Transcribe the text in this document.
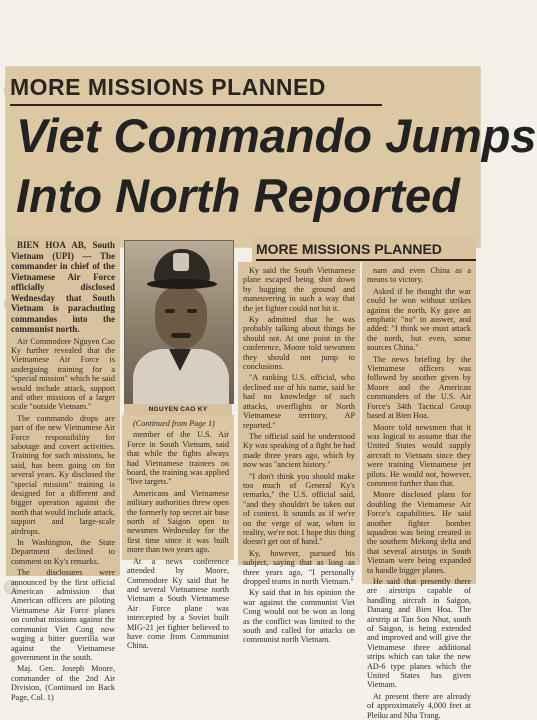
MORE MISSIONS PLANNED
Viet Commando Jumps
Into North Reported

BIEN HOA AB, South Vietnam (UPI) — The commander in chief of the Vietnamese Air Force officially disclosed Wednesday that South Vietnam is parachuting commandos into the communist north.

Air Commodore Nguyen Cao Ky further revealed that the Vietnamese Air Force is undergoing training for a "special mission" which he said would include attack, support and other missions of a larger scale "outside Vietnam."

The commando drops are part of the new Vietnamese Air Force responsibility for sabotage and covert activities. Training for such missions, he said, has been going on for several years. Ky disclosed the "special mission" training is designed for a different and bigger operation against the north that would include attack, support and large-scale airdrops.

In Washington, the State Department declined to comment on Ky's remarks.

The disclosures were announced by the first official American admission that American officers are piloting Vietnamese Air Force planes on combat missions against the communist Viet Cong now waging a bitter guerrilla war against the Vietnamese government in the south.

Maj. Gen. Joseph Moore, commander of the 2nd Air Division, (Continued on Back Page, Col. 1)

NGUYEN CAO KY

(Continued from Page 1)

member of the U.S. Air Force in South Vietnam, said that while the fights always had Vietnamese trainees on board, the training was applied "live targets."

Americans and Vietnamese military authorities threw open the formerly top secret air base north of Saigon open to newsmen Wednesday for the first time since it was built more than two years ago.

At a news conference attended by Moore, Commodore Ky said that he and several Vietnamese north Vietnam a South Vietnamese Air Force plane was intercepted by a Soviet built MIG-21 jet fighter believed to have come from Communist China.

MORE MISSIONS PLANNED

Ky said the South Vietnamese plane escaped being shot down by hugging the ground and maneuvering in such a way that the jet fighter could not hit it.

Ky admitted that he was probably talking about things he should not. At one point in the conference, Moore told newsmen they should not jump to conclusions.

"A ranking U.S. official, who declined use of his name, said he had no knowledge of such attacks, overflights or North Vietnamese territory, AP reported."

The official said he understood Ky was speaking of a fight he had made three years ago, which by now was "ancient history."

"I don't think you should make too much of General Ky's remarks," the U.S. official said, "and they shouldn't be taken out of context. It sounds as if we're on the verge of war, when in reality, we're not. I hope this thing doesn't get out of hand."

Ky, however, pursued his subject, saying that as long as three years ago, "I personally dropped teams in north Vietnam."

Ky said that in his opinion the war against the communist Viet Cong would not be won as long as the conflict was limited to the south and called for attacks on communist north Vietnam.

nam and even China as a means to victory.

Asked if he thought the war could be won without strikes against the north, Ky gave an emphatic "no" in answer, and added: "I think we must attack the north, but even, some sources China."

The news briefing by the Vietnamese officers was followed by another given by Moore and the American commanders of the U.S. Air Force's 34th Tactical Group based at Bien Hoa.

Moore told newsmen that it was logical to assume that the United States would supply aircraft to Vietnam since they were training Vietnamese jet pilots. He would not, however, comment further than that.

Moore disclosed plans for doubling the Vietnamese Air Force's capabilities. He said another fighter bomber squadron was being created in the southern Mekong delta and that several airstrips in South Vietnam were being expanded to handle bigger planes.

He said that presently there are airstrips capable of handling aircraft in Saigon, Danang and Bien Hoa. The airstrip at Tan Son Nhut, south of Saigon, is being extended and improved and will give the Vietnamese three additional strips which can take the new AD-6 type planes which the United States has given Vietnam.

At present there are already of approximately 4,000 feet at Pleiku and Nha Trang.
